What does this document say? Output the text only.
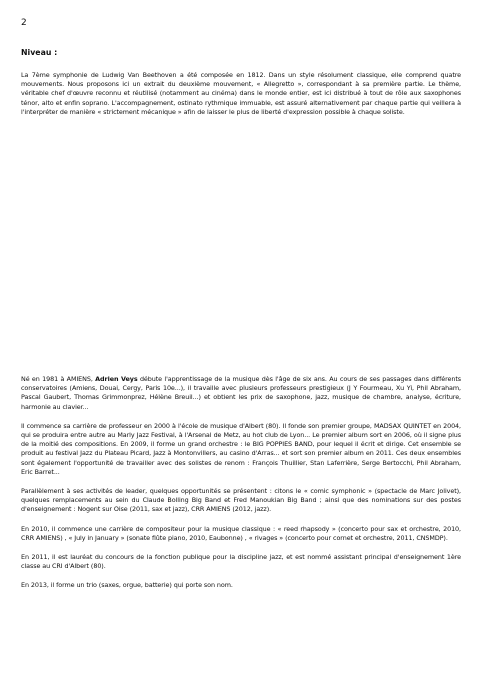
2
Niveau :

La 7ème symphonie de Ludwig Van Beethoven a été composée en 1812. Dans un style résolument classique, elle comprend quatre mouvements. Nous proposons ici un extrait du deuxième mouvement, « Allegretto », correspondant à sa première partie. Le thème, véritable chef d'œuvre reconnu et réutilisé (notamment au cinéma) dans le monde entier, est ici distribué à tout de rôle aux saxophones ténor, alto et enfin soprano. L'accompagnement, ostinato rythmique immuable, est assuré alternativement par chaque partie qui veillera à l'interpréter de manière « strictement mécanique » afin de laisser le plus de liberté d'expression possible à chaque soliste.

Né en 1981 à AMIENS, Adrien Veys débute l'apprentissage de la musique dès l'âge de six ans. Au cours de ses passages dans différents conservatoires (Amiens, Douai, Cergy, Paris 10e...), il travaille avec plusieurs professeurs prestigieux (J Y Fourmeau, Xu Yi, Phil Abraham, Pascal Gaubert, Thomas Grimmonprez, Hélène Breuil...) et obtient les prix de saxophone, jazz, musique de chambre, analyse, écriture, harmonie au clavier...

Il commence sa carrière de professeur en 2000 à l'école de musique d'Albert (80). Il fonde son premier groupe, MADSAX QUINTET en 2004, qui se produira entre autre au Marly Jazz Festival, à l'Arsenal de Metz, au hot club de Lyon... Le premier album sort en 2006, où il signe plus de la moitié des compositions. En 2009, il forme un grand orchestre : le BIG POPPIES BAND, pour lequel il écrit et dirige. Cet ensemble se produit au festival Jazz du Plateau Picard, Jazz à Montonvillers, au casino d'Arras... et sort son premier album en 2011. Ces deux ensembles sont également l'opportunité de travailler avec des solistes de renom : François Thuillier, Stan Laferrière, Serge Bertocchi, Phil Abraham, Eric Barret...

Parallèlement à ses activités de leader, quelques opportunités se présentent : citons le « comic symphonic » (spectacle de Marc Jolivet), quelques remplacements au sein du Claude Bolling Big Band et Fred Manoukian Big Band ; ainsi que des nominations sur des postes d'enseignement : Nogent sur Oise (2011, sax et jazz), CRR AMIENS (2012, jazz).

En 2010, il commence une carrière de compositeur pour la musique classique : « reed rhapsody » (concerto pour sax et orchestre, 2010, CRR AMIENS) , « July in January » (sonate flûte piano, 2010, Eaubonne) , « rivages » (concerto pour cornet et orchestre, 2011, CNSMDP).

En 2011, il est lauréat du concours de la fonction publique pour la discipline jazz, et est nommé assistant principal d'enseignement 1ère classe au CRI d'Albert (80).

En 2013, il forme un trio (saxes, orgue, batterie) qui porte son nom.
